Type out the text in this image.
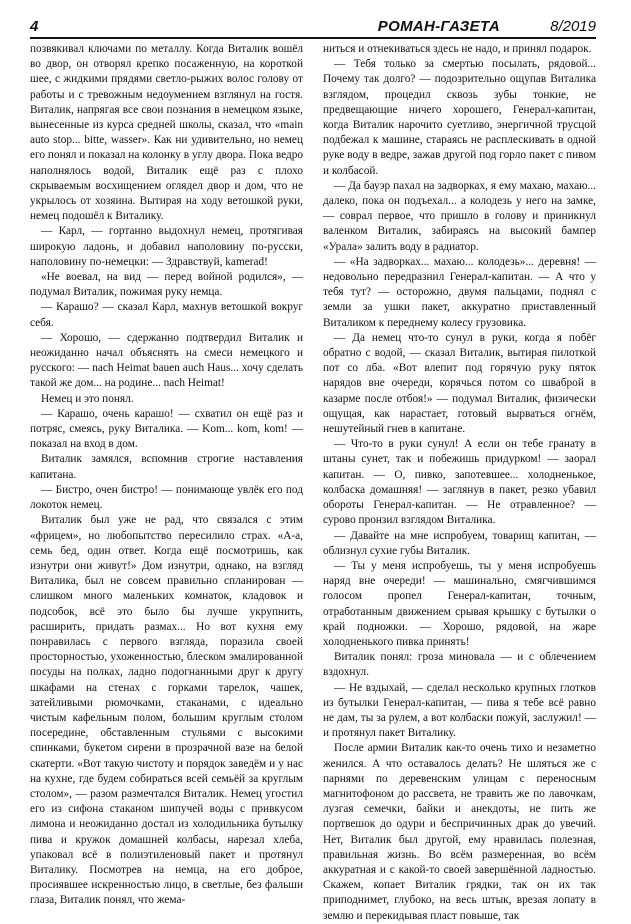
4	РОМАН-ГАЗЕТА	8/2019

позвякивал ключами по металлу. Когда Виталик вошёл во двор, он отворял крепко посаженную, на короткой шее, с жидкими прядями светло-рыжих волос голову от работы и с тревожным недоумением взглянул на гостя. Виталик, напрягая все свои познания в немецком языке, вынесенные из курса средней школы, сказал, что «main auto stop... bitte, wasser». Как ни удивительно, но немец его понял и показал на колонку в углу двора. Пока ведро наполнялось водой, Виталик ещё раз с плохо скрываемым восхищением оглядел двор и дом, что не укрылось от хозяина. Вытирая на ходу ветошкой руки, немец подошёл к Виталику.

— Карл, — гортанно выдохнул немец, протягивая широкую ладонь, и добавил наполовину по-русски, наполовину по-немецки: — Здравствуй, kamerad!

«Не воевал, на вид — перед войной родился», — подумал Виталик, пожимая руку немца.

— Карашо? — сказал Карл, махнув ветошкой вокруг себя.

— Хорошо, — сдержанно подтвердил Виталик и неожиданно начал объяснять на смеси немецкого и русского: — nach Heimat bauen auch Haus... хочу сделать такой же дом... на родине... nach Heimat!

Немец и это понял.

— Карашо, очень карашо! — схватил он ещё раз и потряс, смеясь, руку Виталика. — Kom... kom, kom! — показал на вход в дом.

Виталик замялся, вспомнив строгие наставления капитана.

— Бистро, очен бистро! — понимающе увлёк его под локоток немец.

Виталик был уже не рад, что связался с этим «фрицем», но любопытство пересилило страх. «А-а, семь бед, один ответ. Когда ещё посмотришь, как изнутри они живут!» Дом изнутри, однако, на взгляд Виталика, был не совсем правильно спланирован — слишком много маленьких комнаток, кладовок и подсобок, всё это было бы лучше укрупнить, расширить, придать размах... Но вот кухня ему понравилась с первого взгляда, поразила своей просторностью, ухоженностью, блеском эмалированной посуды на полках, ладно подогнанными друг к другу шкафами на стенах с горками тарелок, чашек, затейливыми рюмочками, стаканами, с идеально чистым кафельным полом, большим круглым столом посередине, обставленным стульями с высокими спинками, букетом сирени в прозрачной вазе на белой скатерти. «Вот такую чистоту и порядок заведём и у нас на кухне, где будем собираться всей семьёй за круглым столом», — разом размечтался Виталик. Немец угостил его из сифона стаканом шипучей воды с привкусом лимона и неожиданно достал из холодильника бутылку пива и кружок домашней колбасы, нарезал хлеба, упаковал всё в полиэтиленовый пакет и протянул Виталику. Посмотрев на немца, на его доброе, просиявшее искренностью лицо, в светлые, без фальши глаза, Виталик понял, что жема-

ниться и отнекиваться здесь не надо, и принял подарок.

— Тебя только за смертью посылать, рядовой... Почему так долго? — подозрительно ощупав Виталика взглядом, процедил сквозь зубы тонкие, не предвещающие ничего хорошего, Генерал-капитан, когда Виталик нарочито суетливо, энергичной трусцой подбежал к машине, стараясь не расплескивать в одной руке воду в ведре, зажав другой под горло пакет с пивом и колбасой.

— Да бауэр пахал на задворках, я ему махаю, махаю... далеко, пока он подъехал... а колодезь у него на замке, — соврал первое, что пришло в голову и приникнул валенком Виталик, забираясь на высокий бампер «Урала» залить воду в радиатор.

— «На задворках... махаю... колодезь»... деревня! — недовольно передразнил Генерал-капитан. — А что у тебя тут? — осторожно, двумя пальцами, поднял с земли за ушки пакет, аккуратно приставленный Виталиком к переднему колесу грузовика.

— Да немец что-то сунул в руки, когда я побёг обратно с водой, — сказал Виталик, вытирая пилоткой пот со лба. «Вот влепит под горячую руку пяток нарядов вне очереди, корячься потом со шваброй в казарме после отбоя!» — подумал Виталик, физически ощущая, как нарастает, готовый вырваться огнём, нешутейный гнев в капитане.

— Что-то в руки сунул! А если он тебе гранату в штаны сунет, так и побежишь придурком! — заорал капитан. — О, пивко, запотевшее... холодненькое, колбаска домашняя! — заглянув в пакет, резко убавил обороты Генерал-капитан. — Не отравленное? — сурово пронзил взглядом Виталика.

— Давайте на мне испробуем, товарищ капитан, — облизнул сухие губы Виталик.

— Ты у меня испробуешь, ты у меня испробуешь наряд вне очереди! — машинально, смягчившимся голосом пропел Генерал-капитан, точным, отработанным движением срывая крышку с бутылки о край подножки. — Хорошо, рядовой, на жаре холодненького пивка принять!

Виталик понял: гроза миновала — и с облечением вздохнул.

— Не вздыхай, — сделал несколько крупных глотков из бутылки Генерал-капитан, — пива я тебе всё равно не дам, ты за рулем, а вот колбаски пожуй, заслужил! — и протянул пакет Виталику.

После армии Виталик как-то очень тихо и незаметно женился. А что оставалось делать? Не шляться же с парнями по деревенским улицам с переносным магнитофоном до рассвета, не травить же по лавочкам, лузгая семечки, байки и анекдоты, не пить же портвешок до одури и беспричинных драк до увечий. Нет, Виталик был другой, ему нравилась полезная, правильная жизнь. Во всём размеренная, во всём аккуратная и с какой-то своей завершённой ладностью. Скажем, копает Виталик грядки, так он их так приподнимет, глубоко, на весь штык, врезая лопату в землю и перекидывая пласт повыше, так
